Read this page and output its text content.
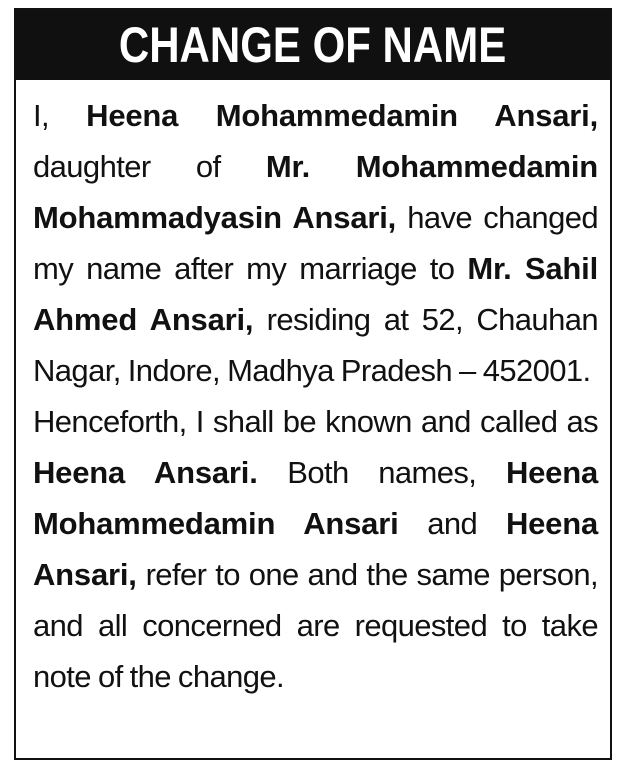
CHANGE OF NAME

I, Heena Mohammedamin Ansari, daughter of Mr. Mohammedamin Mohammadyasin Ansari, have changed my name after my marriage to Mr. Sahil Ahmed Ansari, residing at 52, Chauhan Nagar, Indore, Madhya Pradesh – 452001.

Henceforth, I shall be known and called as Heena Ansari. Both names, Heena Mohammedamin Ansari and Heena Ansari, refer to one and the same person, and all concerned are requested to take note of the change.
